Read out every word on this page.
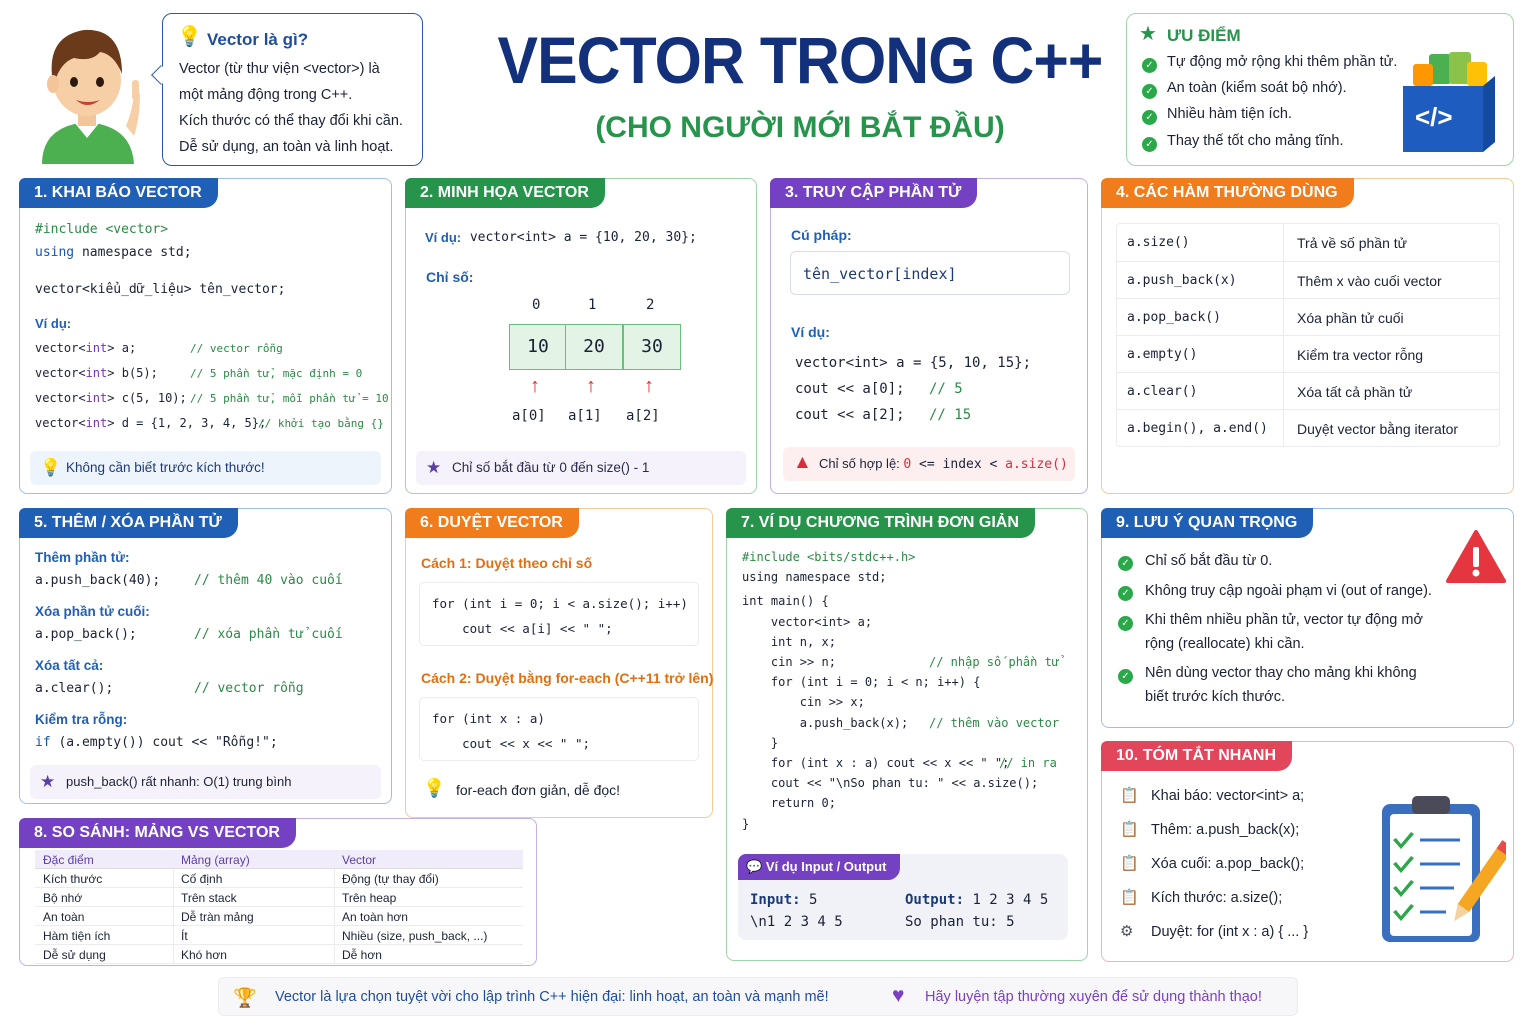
💡 Vector là gì?
Vector (từ thư viện <vector>) là
một mảng động trong C++.
Kích thước có thể thay đổi khi cần.
Dễ sử dụng, an toàn và linh hoạt.
VECTOR TRONG C++
(CHO NGƯỜI MỚI BẮT ĐẦU)
★ ƯU ĐIỂM
✓ Tự động mở rộng khi thêm phần tử.
✓ An toàn (kiểm soát bộ nhớ).
✓ Nhiều hàm tiện ích.
✓ Thay thế tốt cho mảng tĩnh.
</>
1. KHAI BÁO VECTOR
#include <vector>
using namespace std;
vector<kiểu_dữ_liệu> tên_vector;
Ví dụ:
vector<int> a;	// vector rỗng
vector<int> b(5);	// 5 phần tử, mặc định = 0
vector<int> c(5, 10); // 5 phần tử, mỗi phần tử = 10
vector<int> d = {1, 2, 3, 4, 5};
// khởi tạo bằng {}
💡 Không cần biết trước kích thước!
2. MINH HỌA VECTOR
Ví dụ: vector<int> a = {10, 20, 30};
Chỉ số:
★ Chỉ số bắt đầu từ 0 đến size() - 1
0
10
↑
a[0]
1
20
↑
a[1]
2
30
↑
a[2]
3. TRUY CẬP PHẦN TỬ
Cú pháp:
tên_vector[index]
Ví dụ:
vector<int> a = {5, 10, 15};
cout << a[0]; // 5
cout << a[2]; // 15
▲ Chỉ số hợp lệ: 0 <= index < a.size()
4. CÁC HÀM THƯỜNG DÙNG
a.size()	Trả về số phần tử
a.push_back(x)	Thêm x vào cuối vector
a.pop_back()	Xóa phần tử cuối
a.empty()	Kiểm tra vector rỗng
a.clear()	Xóa tất cả phần tử
a.begin(), a.end() Duyệt vector bằng iterator
5. THÊM / XÓA PHẦN TỬ
Thêm phần tử:
a.push_back(40);	// thêm 40 vào cuối
Xóa phần tử cuối:
a.pop_back();	// xóa phần tử cuối
Xóa tất cả:
a.clear();	// vector rỗng
Kiểm tra rỗng:
if (a.empty()) cout << "Rỗng!";
★ push_back() rất nhanh: O(1) trung bình
6. DUYỆT VECTOR
Cách 1: Duyệt theo chỉ số
for (int i = 0; i < a.size(); i++)
cout << a[i] << " ";
Cách 2: Duyệt bằng for-each (C++11 trở lên)
for (int x : a)
cout << x << " ";
💡 for-each đơn giản, dễ đọc!
7. VÍ DỤ CHƯƠNG TRÌNH ĐƠN GIẢN
💬 Ví dụ Input / Output
Input: 5
\n1 2 3 4 5
Output: 1 2 3 4 5
So phan tu: 5
#include <bits/stdc++.h>
using namespace std;
int main() {
vector<int> a;
int n, x;
cin >> n;	// nhập số phần tử
for (int i = 0; i < n; i++) {
cin >> x;
a.push_back(x); // thêm vào vector
}
for (int x : a) cout << x << " ";
// in ra
cout << "\nSo phan tu: " << a.size();
return 0;
}
8. SO SÁNH: MẢNG VS VECTOR
Đặc điểm	Mảng (array)	Vector
Kích thước	Cố định	Động (tự thay đổi)
Bộ nhớ	Trên stack	Trên heap
An toàn	Dễ tràn mảng	An toàn hơn
Hàm tiện ích	Ít	Nhiều (size, push_back, ...)
Dễ sử dụng	Khó hơn	Dễ hơn
9. LƯU Ý QUAN TRỌNG
✓ Chỉ số bắt đầu từ 0.
✓ Không truy cập ngoài phạm vi (out of range).
✓ Khi thêm nhiều phần tử, vector tự động mở
rộng (reallocate) khi cần.
✓ Nên dùng vector thay cho mảng khi không
biết trước kích thước.
10. TÓM TẮT NHANH
📋 Khai báo: vector<int> a;
📋 Thêm: a.push_back(x);
📋 Xóa cuối: a.pop_back();
📋 Kích thước: a.size();
⚙ Duyệt: for (int x : a) { ... }
🏆 Vector là lựa chọn tuyệt vời cho lập trình C++ hiện đại: linh hoạt, an toàn và mạnh mẽ!	♥ Hãy luyện tập thường xuyên để sử dụng thành thạo!
